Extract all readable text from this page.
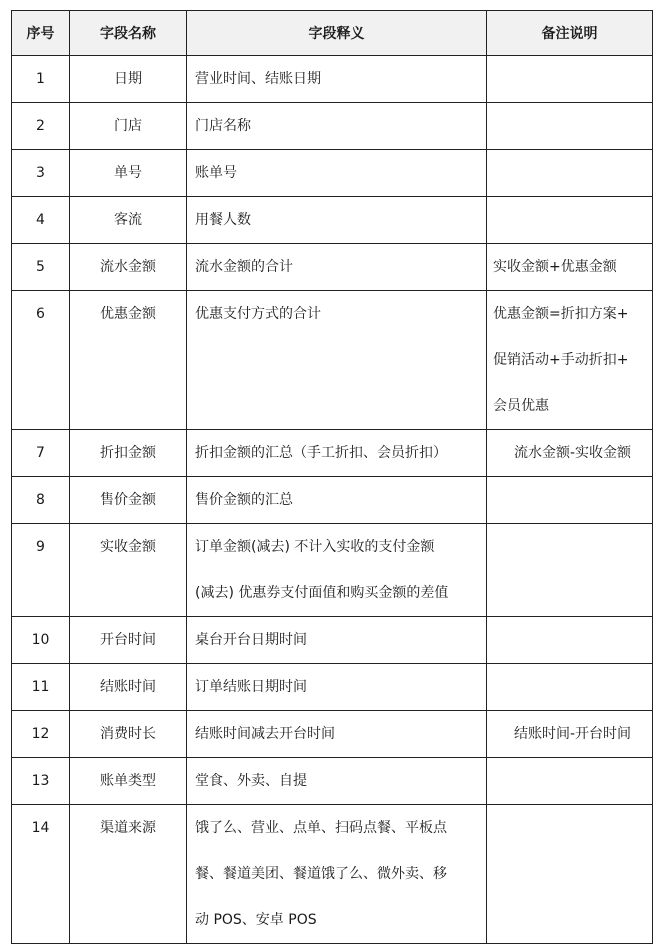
序号	字段名称	字段释义	备注说明

1	日期	营业时间、结账日期	

2	门店	门店名称	

3	单号	账单号	

4	客流	用餐人数	

5	流水金额	流水金额的合计	实收金额+优惠金额

6	优惠金额	优惠支付方式的合计	优惠金额=折扣方案+
促销活动+手动折扣+
会员优惠

7	折扣金额	折扣金额的汇总（手工折扣、会员折扣）	流水金额-实收金额

8	售价金额	售价金额的汇总	

9	实收金额	订单金额(减去) 不计入实收的支付金额
(减去) 优惠券支付面值和购买金额的差值	

10	开台时间	桌台开台日期时间	

11	结账时间	订单结账日期时间	

12	消费时长	结账时间减去开台时间	结账时间-开台时间

13	账单类型	堂食、外卖、自提	

14	渠道来源	饿了么、营业、点单、扫码点餐、平板点
餐、餐道美团、餐道饿了么、微外卖、移
动 POS、安卓 POS	
